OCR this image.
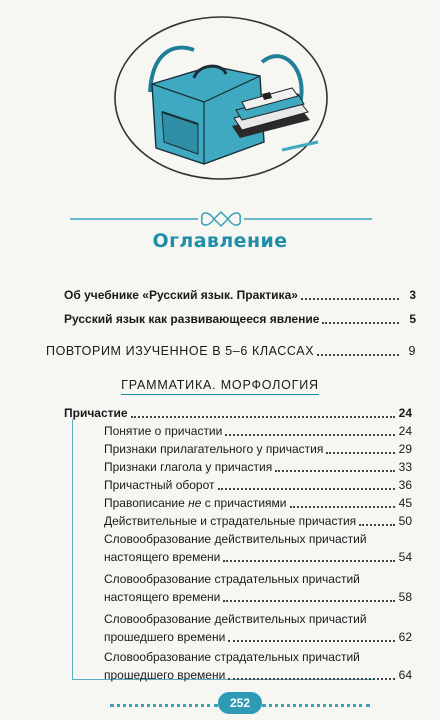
Оглавление
Об учебнике «Русский язык. Практика»	3
Русский язык как развивающееся явление	5
ПОВТОРИМ ИЗУЧЕННОЕ В 5–6 КЛАССАХ	9
ГРАММАТИКА. МОРФОЛОГИЯ
Причастие	24
Понятие о причастии	24
Признаки прилагательного у причастия	29
Признаки глагола у причастия	33
Причастный оборот	36
Правописание не с причастиями	45
Действительные и страдательные причастия	50
Словообразование действительных причастий
настоящего времени	54
Словообразование страдательных причастий
настоящего времени	58
Словообразование действительных причастий
прошедшего времени	62
Словообразование страдательных причастий
прошедшего времени	64
252
